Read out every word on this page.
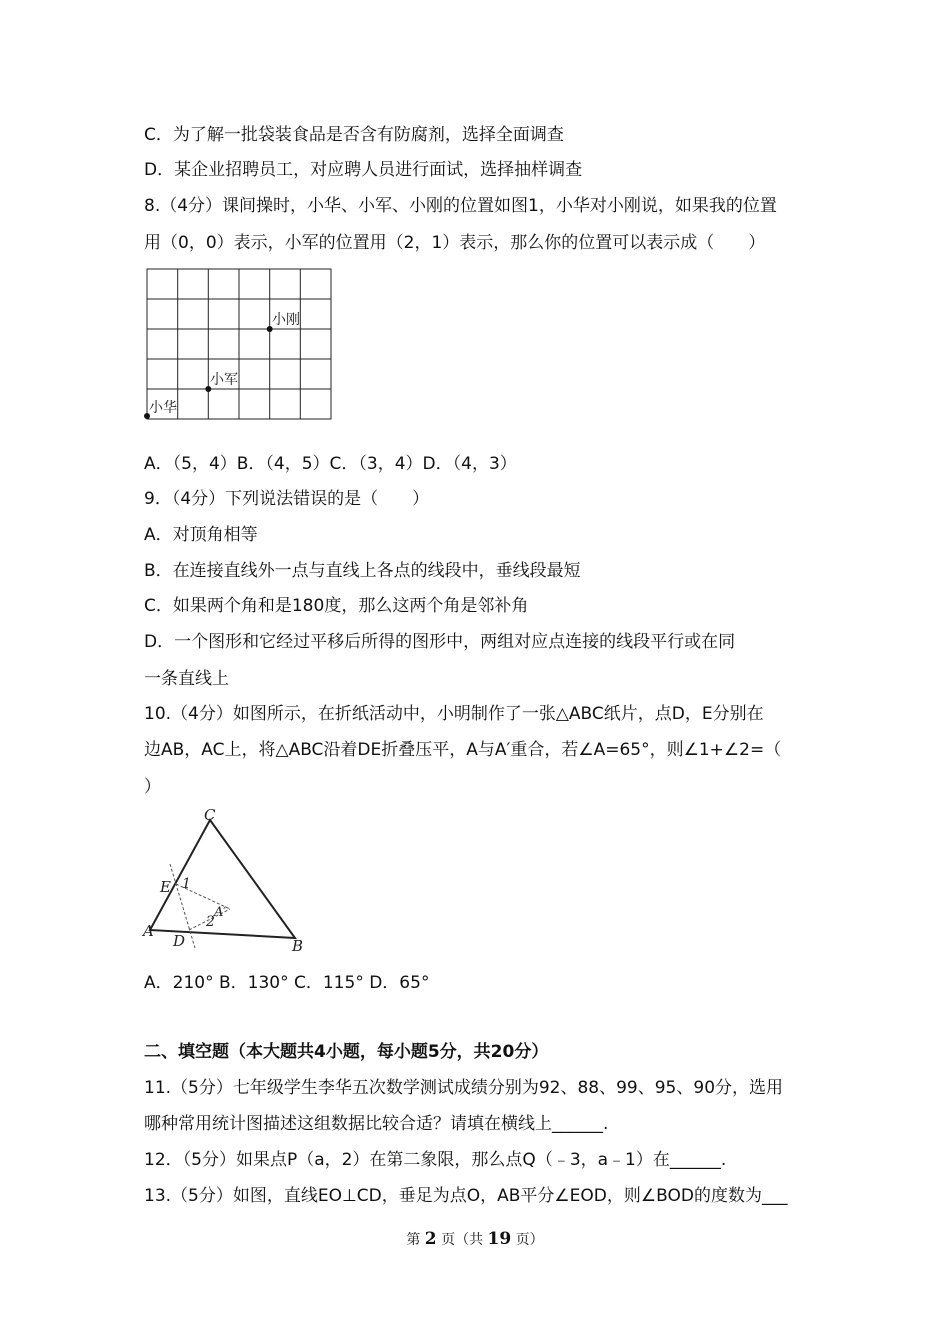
C．为了解一批袋装食品是否含有防腐剂，选择全面调查
D．某企业招聘员工，对应聘人员进行面试，选择抽样调查
8.（4分）课间操时，小华、小军、小刚的位置如图1，小华对小刚说，如果我的位置
用（0，0）表示，小军的位置用（2，1）表示，那么你的位置可以表示成（　　）
小刚
小军
小华
A．（5，4）B．（4，5）C．（3，4）D．（4，3）
9．（4分）下列说法错误的是（　　）
A．对顶角相等
B．在连接直线外一点与直线上各点的线段中，垂线段最短
C．如果两个角和是180度，那么这两个角是邻补角
D．一个图形和它经过平移后所得的图形中，两组对应点连接的线段平行或在同
一条直线上
10.（4分）如图所示，在折纸活动中，小明制作了一张△ABC纸片，点D，E分别在
边AB，AC上，将△ABC沿着DE折叠压平，A与A′重合，若∠A=65°，则∠1+∠2=（
）
C
E 1
A′
2
A
D	B
A．210° B．130° C．115° D．65°
二、填空题（本大题共4小题，每小题5分，共20分）
11.（5分）七年级学生李华五次数学测试成绩分别为92、88、99、95、90分，选用
哪种常用统计图描述这组数据比较合适？请填在横线上______.
12．（5分）如果点P（a，2）在第二象限，那么点Q（﹣3，a﹣1）在______.
13.（5分）如图，直线EO⊥CD，垂足为点O，AB平分∠EOD，则∠BOD的度数为___
第 2 页（共 19 页）
